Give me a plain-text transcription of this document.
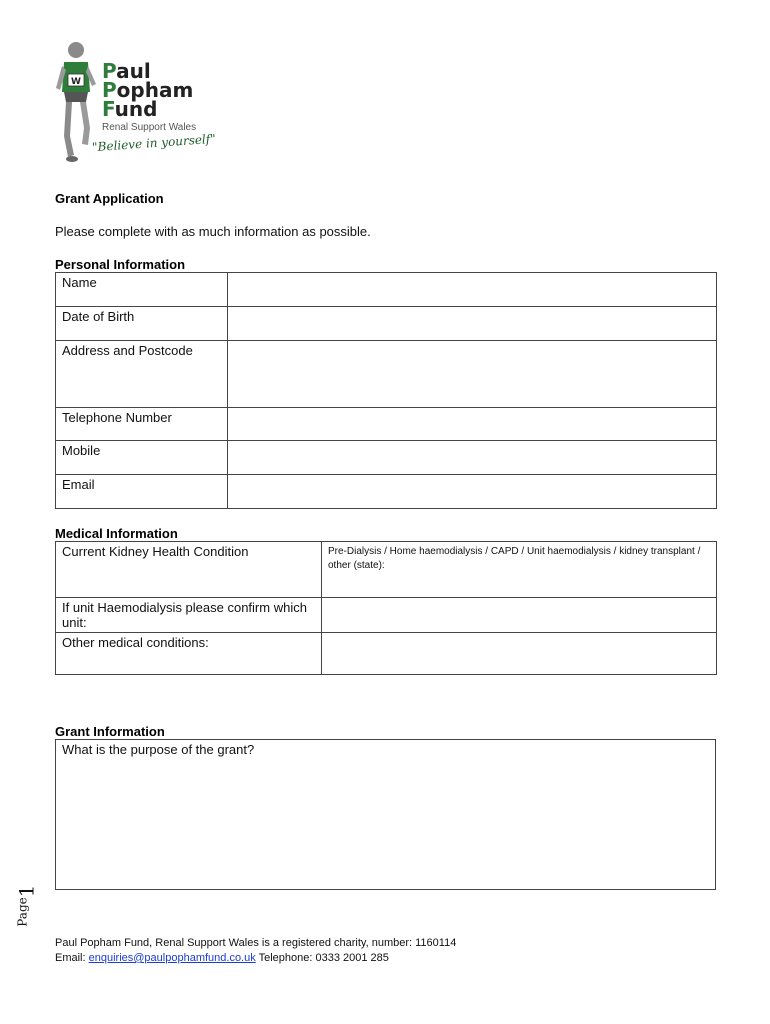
W Paul
Popham
Fund
Renal Support Wales
"Believe in yourself"
Grant Application
Please complete with as much information as possible.
Personal Information
Name	
Date of Birth	
Address and Postcode	
Telephone Number	
Mobile	
Email	
Medical Information
Current Kidney Health Condition	Pre-Dialysis / Home haemodialysis / CAPD / Unit haemodialysis / kidney transplant / other (state):
If unit Haemodialysis please confirm which unit:	
Other medical conditions:	
Grant Information
What is the purpose of the grant?
Page
1
Paul Popham Fund, Renal Support Wales is a registered charity, number: 1160114
Email: enquiries@paulpophamfund.co.uk Telephone: 0333 2001 285
